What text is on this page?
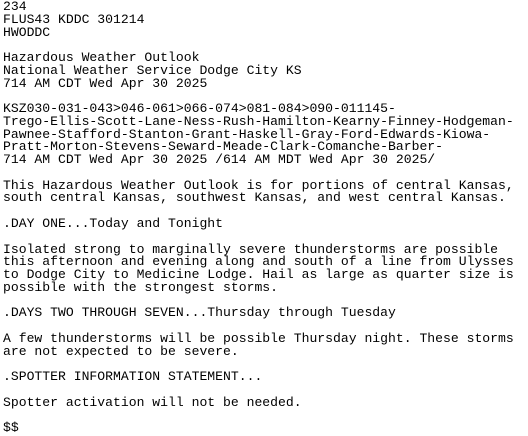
234
FLUS43 KDDC 301214
HWODDC
Hazardous Weather Outlook
National Weather Service Dodge City KS
714 AM CDT Wed Apr 30 2025
KSZ030-031-043>046-061>066-074>081-084>090-011145-
Trego-Ellis-Scott-Lane-Ness-Rush-Hamilton-Kearny-Finney-Hodgeman-
Pawnee-Stafford-Stanton-Grant-Haskell-Gray-Ford-Edwards-Kiowa-
Pratt-Morton-Stevens-Seward-Meade-Clark-Comanche-Barber-
714 AM CDT Wed Apr 30 2025 /614 AM MDT Wed Apr 30 2025/
This Hazardous Weather Outlook is for portions of central Kansas,
south central Kansas, southwest Kansas, and west central Kansas.
.DAY ONE...Today and Tonight
Isolated strong to marginally severe thunderstorms are possible
this afternoon and evening along and south of a line from Ulysses
to Dodge City to Medicine Lodge. Hail as large as quarter size is
possible with the strongest storms.
.DAYS TWO THROUGH SEVEN...Thursday through Tuesday
A few thunderstorms will be possible Thursday night. These storms
are not expected to be severe.
.SPOTTER INFORMATION STATEMENT...
Spotter activation will not be needed.
$$
